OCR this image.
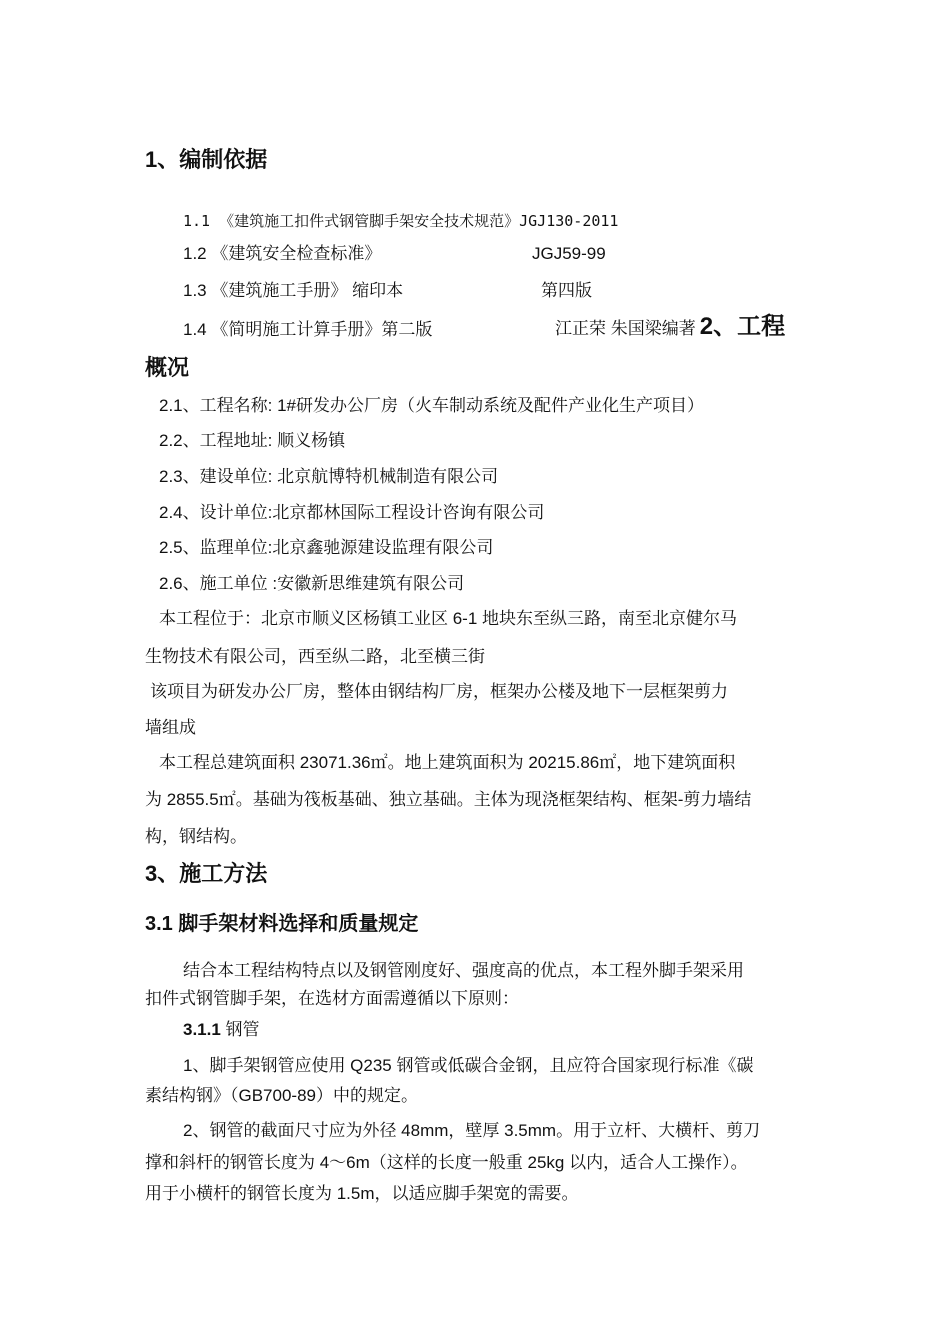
1、编制依据
1.1 《建筑施工扣件式钢管脚手架安全技术规范》JGJ130-2011
1.2 《建筑安全检查标准》	JGJ59-99
1.3 《建筑施工手册》 缩印本	第四版
1.4 《简明施工计算手册》第二版	江正荣 朱国梁编著 2、工程
概况
2.1、工程名称: 1#研发办公厂房（火车制动系统及配件产业化生产项目）
2.2、工程地址: 顺义杨镇
2.3、建设单位: 北京航博特机械制造有限公司
2.4、设计单位:北京都林国际工程设计咨询有限公司
2.5、监理单位:北京鑫驰源建设监理有限公司
2.6、施工单位 :安徽新思维建筑有限公司
本工程位于：北京市顺义区杨镇工业区 6-1 地块东至纵三路，南至北京健尔马
生物技术有限公司，西至纵二路，北至横三街
该项目为研发办公厂房，整体由钢结构厂房，框架办公楼及地下一层框架剪力
墙组成
本工程总建筑面积 23071.36㎡。地上建筑面积为 20215.86㎡，地下建筑面积
为 2855.5㎡。基础为筏板基础、独立基础。主体为现浇框架结构、框架-剪力墙结
构，钢结构。
3、施工方法
3.1 脚手架材料选择和质量规定
结合本工程结构特点以及钢管刚度好、强度高的优点，本工程外脚手架采用
扣件式钢管脚手架，在选材方面需遵循以下原则：
3.1.1 钢管
1、脚手架钢管应使用 Q235 钢管或低碳合金钢，且应符合国家现行标准《碳
素结构钢》（GB700-89）中的规定。
2、钢管的截面尺寸应为外径 48mm，壁厚 3.5mm。用于立杆、大横杆、剪刀
撑和斜杆的钢管长度为 4～6m（这样的长度一般重 25kg 以内，适合人工操作）。
用于小横杆的钢管长度为 1.5m，以适应脚手架宽的需要。
